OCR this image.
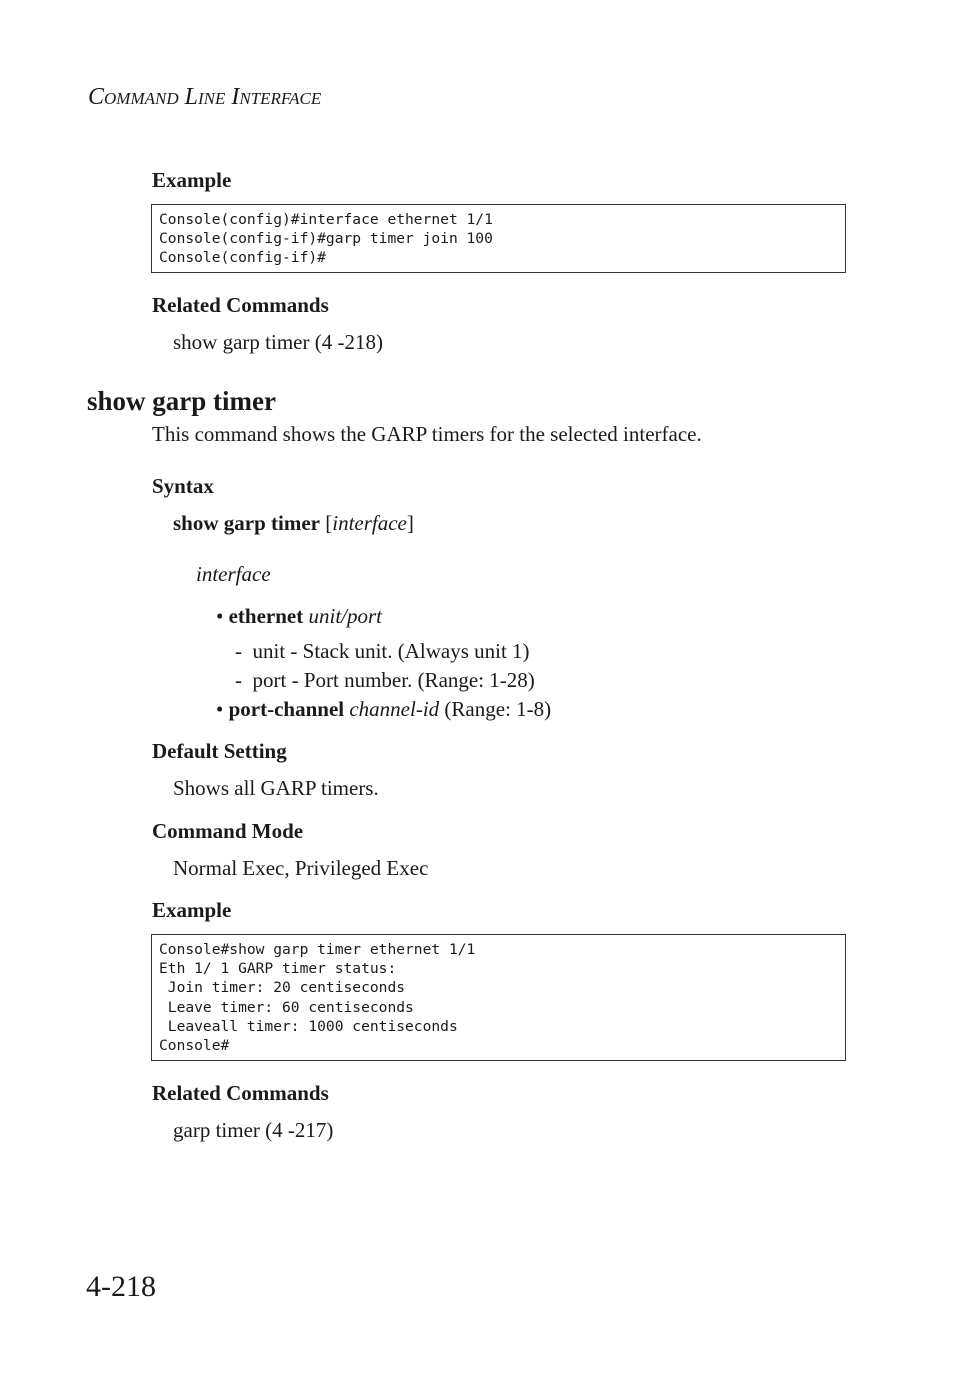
COMMAND LINE INTERFACE
Example
Console(config)#interface ethernet 1/1
Console(config-if)#garp timer join 100
Console(config-if)#
Related Commands
show garp timer (4 -218)
show garp timer
This command shows the GARP timers for the selected interface.
Syntax
show garp timer [interface]
interface
• ethernet unit/port
- unit - Stack unit. (Always unit 1)
- port - Port number. (Range: 1-28)
• port-channel channel-id (Range: 1-8)
Default Setting
Shows all GARP timers.
Command Mode
Normal Exec, Privileged Exec
Example
Console#show garp timer ethernet 1/1
Eth 1/ 1 GARP timer status:
Join timer: 20 centiseconds
Leave timer: 60 centiseconds
Leaveall timer: 1000 centiseconds
Console#
Related Commands
garp timer (4 -217)
4-218
